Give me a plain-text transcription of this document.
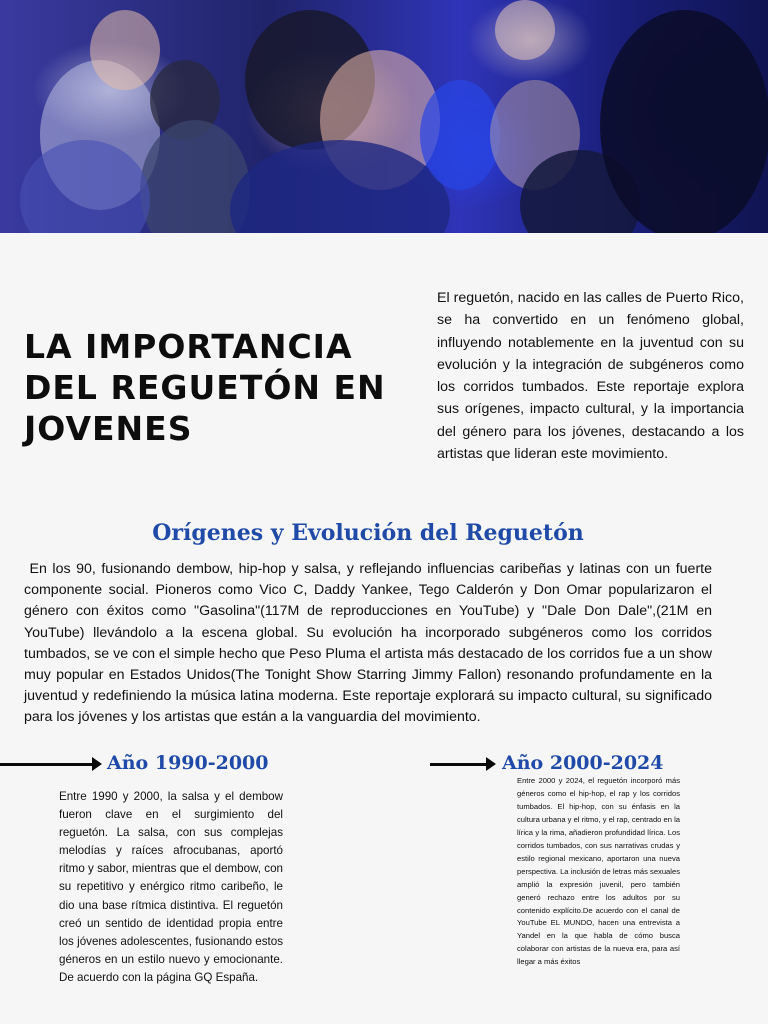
LA IMPORTANCIA DEL REGUETÓN EN JOVENES

El reguetón, nacido en las calles de Puerto Rico, se ha convertido en un fenómeno global, influyendo notablemente en la juventud con su evolución y la integración de subgéneros como los corridos tumbados. Este reportaje explora sus orígenes, impacto cultural, y la importancia del género para los jóvenes, destacando a los artistas que lideran este movimiento.

Orígenes y Evolución del Reguetón

En los 90, fusionando dembow, hip-hop y salsa, y reflejando influencias caribeñas y latinas con un fuerte componente social. Pioneros como Vico C, Daddy Yankee, Tego Calderón y Don Omar popularizaron el género con éxitos como "Gasolina"(117M de reproducciones en YouTube) y "Dale Don Dale",(21M en YouTube) llevándolo a la escena global. Su evolución ha incorporado subgéneros como los corridos tumbados, se ve con el simple hecho que Peso Pluma el artista más destacado de los corridos fue a un show muy popular en Estados Unidos(The Tonight Show Starring Jimmy Fallon) resonando profundamente en la juventud y redefiniendo la música latina moderna. Este reportaje explorará su impacto cultural, su significado para los jóvenes y los artistas que están a la vanguardia del movimiento.

Año 1990-2000

Entre 1990 y 2000, la salsa y el dembow fueron clave en el surgimiento del reguetón. La salsa, con sus complejas melodías y raíces afrocubanas, aportó ritmo y sabor, mientras que el dembow, con su repetitivo y enérgico ritmo caribeño, le dio una base rítmica distintiva. El reguetón creó un sentido de identidad propia entre los jóvenes adolescentes, fusionando estos géneros en un estilo nuevo y emocionante. De acuerdo con la página GQ España.

Año 2000-2024

Entre 2000 y 2024, el reguetón incorporó más géneros como el hip-hop, el rap y los corridos tumbados. El hip-hop, con su énfasis en la cultura urbana y el ritmo, y el rap, centrado en la lírica y la rima, añadieron profundidad lírica. Los corridos tumbados, con sus narrativas crudas y estilo regional mexicano, aportaron una nueva perspectiva. La inclusión de letras más sexuales amplió la expresión juvenil, pero también generó rechazo entre los adultos por su contenido explícito.De acuerdo con el canal de YouTube EL MUNDO, hacen una entrevista a Yandel en la que habla de cómo busca colaborar con artistas de la nueva era, para así llegar a más éxitos
